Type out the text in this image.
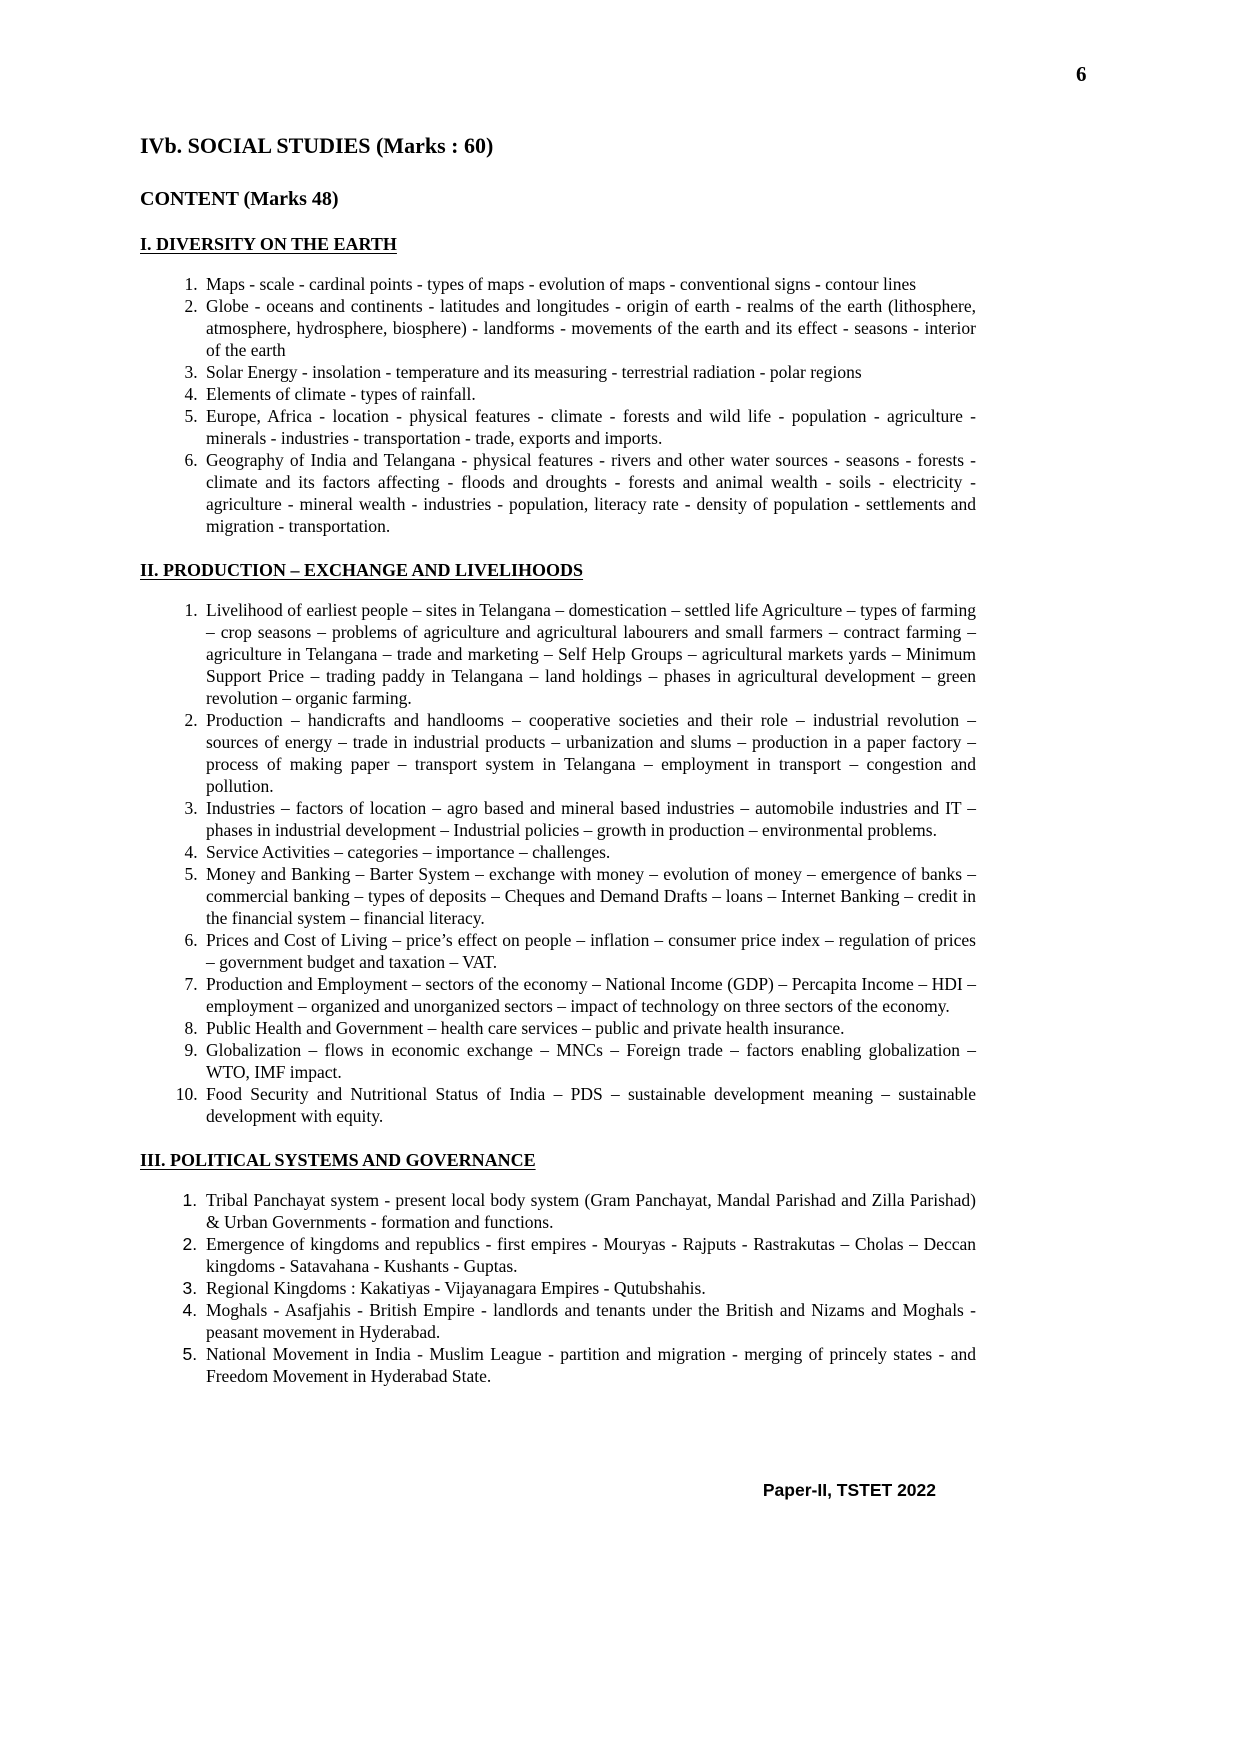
6
IVb. SOCIAL STUDIES (Marks : 60)
CONTENT (Marks 48)
I. DIVERSITY ON THE EARTH
1. Maps - scale - cardinal points - types of maps - evolution of maps - conventional signs - contour lines
2. Globe - oceans and continents - latitudes and longitudes - origin of earth - realms of the earth (lithosphere, atmosphere, hydrosphere, biosphere) - landforms - movements of the earth and its effect - seasons - interior of the earth
3. Solar Energy - insolation - temperature and its measuring - terrestrial radiation - polar regions
4. Elements of climate - types of rainfall.
5. Europe, Africa - location - physical features - climate - forests and wild life - population - agriculture - minerals - industries - transportation - trade, exports and imports.
6. Geography of India and Telangana - physical features - rivers and other water sources - seasons - forests - climate and its factors affecting - floods and droughts - forests and animal wealth - soils - electricity - agriculture - mineral wealth - industries - population, literacy rate - density of population - settlements and migration - transportation.
II. PRODUCTION – EXCHANGE AND LIVELIHOODS
1. Livelihood of earliest people – sites in Telangana – domestication – settled life Agriculture – types of farming – crop seasons – problems of agriculture and agricultural labourers and small farmers – contract farming – agriculture in Telangana – trade and marketing – Self Help Groups – agricultural markets yards – Minimum Support Price – trading paddy in Telangana – land holdings – phases in agricultural development – green revolution – organic farming.
2. Production – handicrafts and handlooms – cooperative societies and their role – industrial revolution – sources of energy – trade in industrial products – urbanization and slums – production in a paper factory – process of making paper – transport system in Telangana – employment in transport – congestion and pollution.
3. Industries – factors of location – agro based and mineral based industries – automobile industries and IT – phases in industrial development – Industrial policies – growth in production – environmental problems.
4. Service Activities – categories – importance – challenges.
5. Money and Banking – Barter System – exchange with money – evolution of money – emergence of banks – commercial banking – types of deposits – Cheques and Demand Drafts – loans – Internet Banking – credit in the financial system – financial literacy.
6. Prices and Cost of Living – price’s effect on people – inflation – consumer price index – regulation of prices – government budget and taxation – VAT.
7. Production and Employment – sectors of the economy – National Income (GDP) – Percapita Income – HDI – employment – organized and unorganized sectors – impact of technology on three sectors of the economy.
8. Public Health and Government – health care services – public and private health insurance.
9. Globalization – flows in economic exchange – MNCs – Foreign trade – factors enabling globalization – WTO, IMF impact.
10. Food Security and Nutritional Status of India – PDS – sustainable development meaning – sustainable development with equity.
III. POLITICAL SYSTEMS AND GOVERNANCE
1. Tribal Panchayat system - present local body system (Gram Panchayat, Mandal Parishad and Zilla Parishad) & Urban Governments - formation and functions.
2. Emergence of kingdoms and republics - first empires - Mouryas - Rajputs - Rastrakutas – Cholas – Deccan kingdoms - Satavahana - Kushants - Guptas.
3. Regional Kingdoms : Kakatiyas - Vijayanagara Empires - Qutubshahis.
4. Moghals - Asafjahis - British Empire - landlords and tenants under the British and Nizams and Moghals - peasant movement in Hyderabad.
5. National Movement in India - Muslim League - partition and migration - merging of princely states - and Freedom Movement in Hyderabad State.
Paper-II, TSTET 2022
